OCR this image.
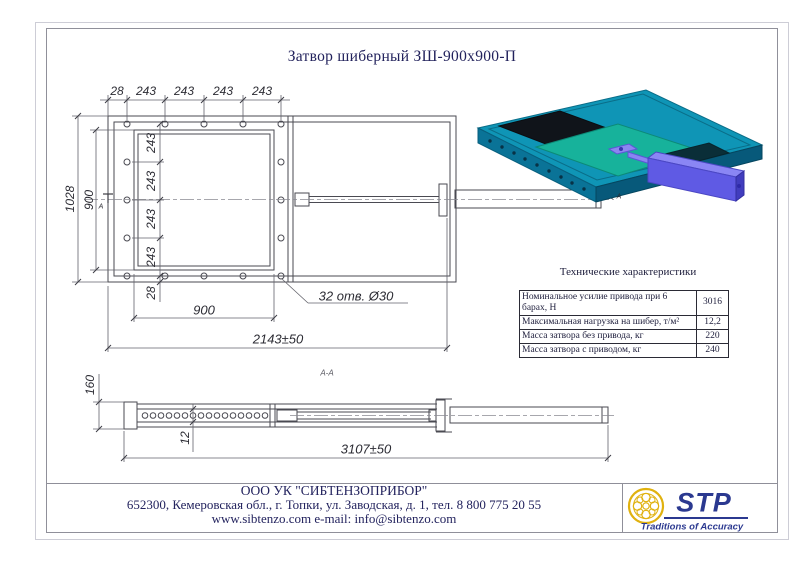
Затвор шиберный ЗШ-900х900-П
28 243 243 243 243
1028 900
243
243
243
243
28
900
32 отв. Ø30
2143±50
А
А
А-А
160
12
3107±50
Технические характеристики
Номинальное усилие привода при 6 барах, Н	3016
Максимальная нагрузка на шибер, т/м²	12,2
Масса затвора без привода, кг	220
Масса затвора с приводом, кг	240
ООО УК "СИБТЕНЗОПРИБОР"
652300, Кемеровская обл., г. Топки, ул. Заводская, д. 1, тел. 8 800 775 20 55
www.sibtenzo.com e-mail: info@sibtenzo.com
STP
Traditions of Accuracy
